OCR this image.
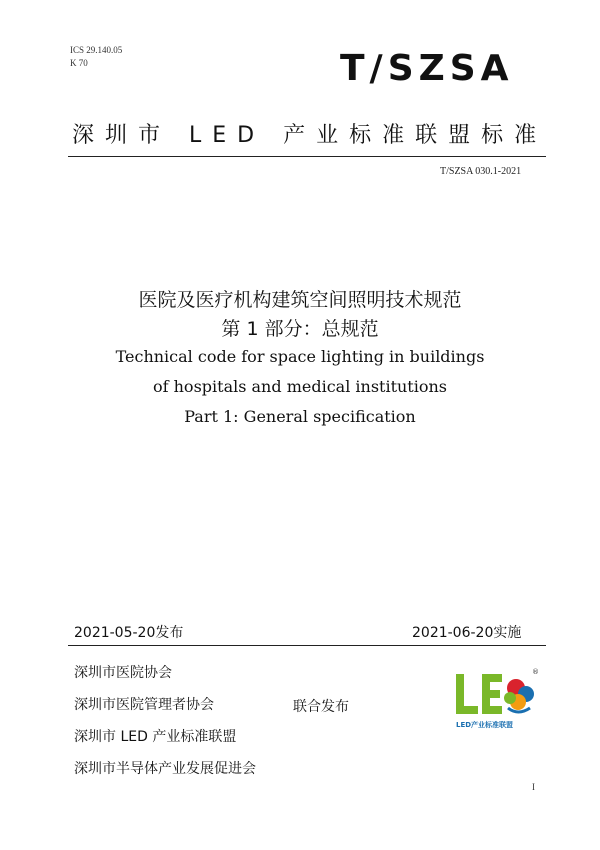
ICS 29.140.05
K 70	T/SZSA
深圳市 LED 产业标准联盟标准
T/SZSA 030.1-2021
医院及医疗机构建筑空间照明技术规范
第 1 部分：总规范
Technical code for space lighting in buildings
of hospitals and medical institutions
Part 1: General specification
2021-05-20发布	2021-06-20实施
深圳市医院协会
深圳市医院管理者协会
深圳市 LED 产业标准联盟
深圳市半导体产业发展促进会
联合发布
®
LED产业标准联盟
I
